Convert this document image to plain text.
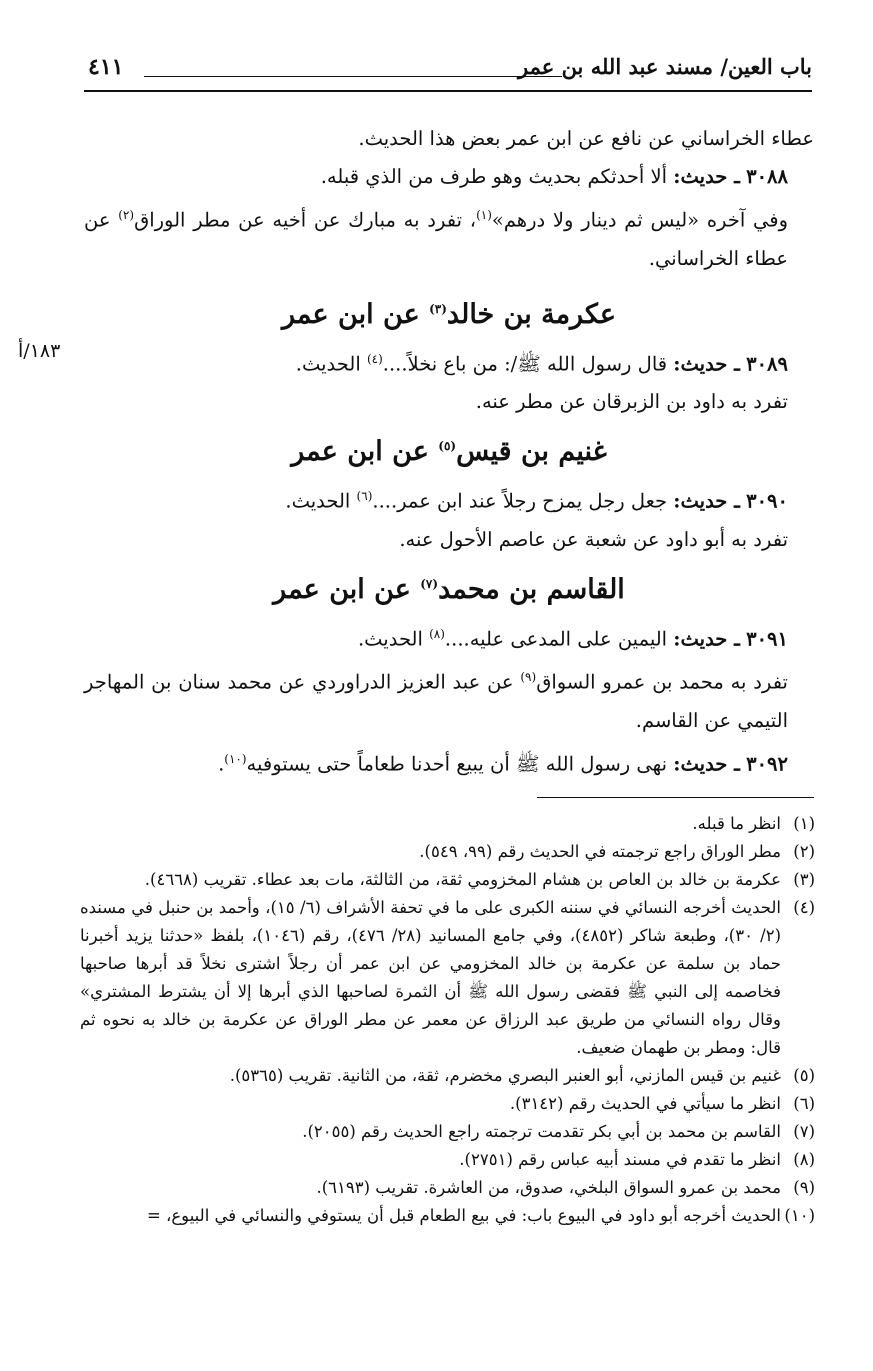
باب العين/ مسند عبد الله بن عمر
٤١١
١٨٣/أ
عطاء الخراساني عن نافع عن ابن عمر بعض هذا الحديث.
٣٠٨٨ ـ حديث: ألا أحدثكم بحديث وهو طرف من الذي قبله.
وفي آخره «ليس ثم دينار ولا درهم»$^{(١)}$، تفرد به مبارك عن أخيه عن مطر الوراق$^{(٢)}$ عن عطاء الخراساني.
عكرمة بن خالد$^{(٣)}$ عن ابن عمر
٣٠٨٩ ـ حديث: قال رسول الله ﷺ/: من باع نخلاً....$^{(٤)}$ الحديث.
تفرد به داود بن الزبرقان عن مطر عنه.
غنيم بن قيس$^{(٥)}$ عن ابن عمر
٣٠٩٠ ـ حديث: جعل رجل يمزح رجلاً عند ابن عمر....$^{(٦)}$ الحديث.
تفرد به أبو داود عن شعبة عن عاصم الأحول عنه.
القاسم بن محمد$^{(٧)}$ عن ابن عمر
٣٠٩١ ـ حديث: اليمين على المدعى عليه....$^{(٨)}$ الحديث.
تفرد به محمد بن عمرو السواق$^{(٩)}$ عن عبد العزيز الدراوردي عن محمد سنان بن المهاجر التيمي عن القاسم.
٣٠٩٢ ـ حديث: نهى رسول الله ﷺ أن يبيع أحدنا طعاماً حتى يستوفيه$^{(١٠)}$.
(١)
انظر ما قبله.
(٢)
مطر الوراق راجع ترجمته في الحديث رقم (٩٩، ٥٤٩).
(٣)
عكرمة بن خالد بن العاص بن هشام المخزومي ثقة، من الثالثة، مات بعد عطاء. تقريب (٤٦٦٨).
(٤)
الحديث أخرجه النسائي في سننه الكبرى على ما في تحفة الأشراف (٦/ ١٥)، وأحمد بن حنبل في مسنده (٢/ ٣٠)، وطبعة شاكر (٤٨٥٢)، وفي جامع المسانيد (٢٨/ ٤٧٦)، رقم (١٠٤٦)، بلفظ «حدثنا يزيد أخبرنا حماد بن سلمة عن عكرمة بن خالد المخزومي عن ابن عمر أن رجلاً اشترى نخلاً قد أبرها صاحبها فخاصمه إلى النبي ﷺ فقضى رسول الله ﷺ أن الثمرة لصاحبها الذي أبرها إلا أن يشترط المشتري» وقال رواه النسائي من طريق عبد الرزاق عن معمر عن مطر الوراق عن عكرمة بن خالد به نحوه ثم قال: ومطر بن طهمان ضعيف.
(٥)
غنيم بن قيس المازني، أبو العنبر البصري مخضرم، ثقة، من الثانية. تقريب (٥٣٦٥).
(٦)
انظر ما سيأتي في الحديث رقم (٣١٤٢).
(٧)
القاسم بن محمد بن أبي بكر تقدمت ترجمته راجع الحديث رقم (٢٠٥٥).
(٨)
انظر ما تقدم في مسند أبيه عباس رقم (٢٧٥١).
(٩)
محمد بن عمرو السواق البلخي، صدوق، من العاشرة. تقريب (٦١٩٣).
(١٠)
الحديث أخرجه أبو داود في البيوع باب: في بيع الطعام قبل أن يستوفي والنسائي في البيوع، =
